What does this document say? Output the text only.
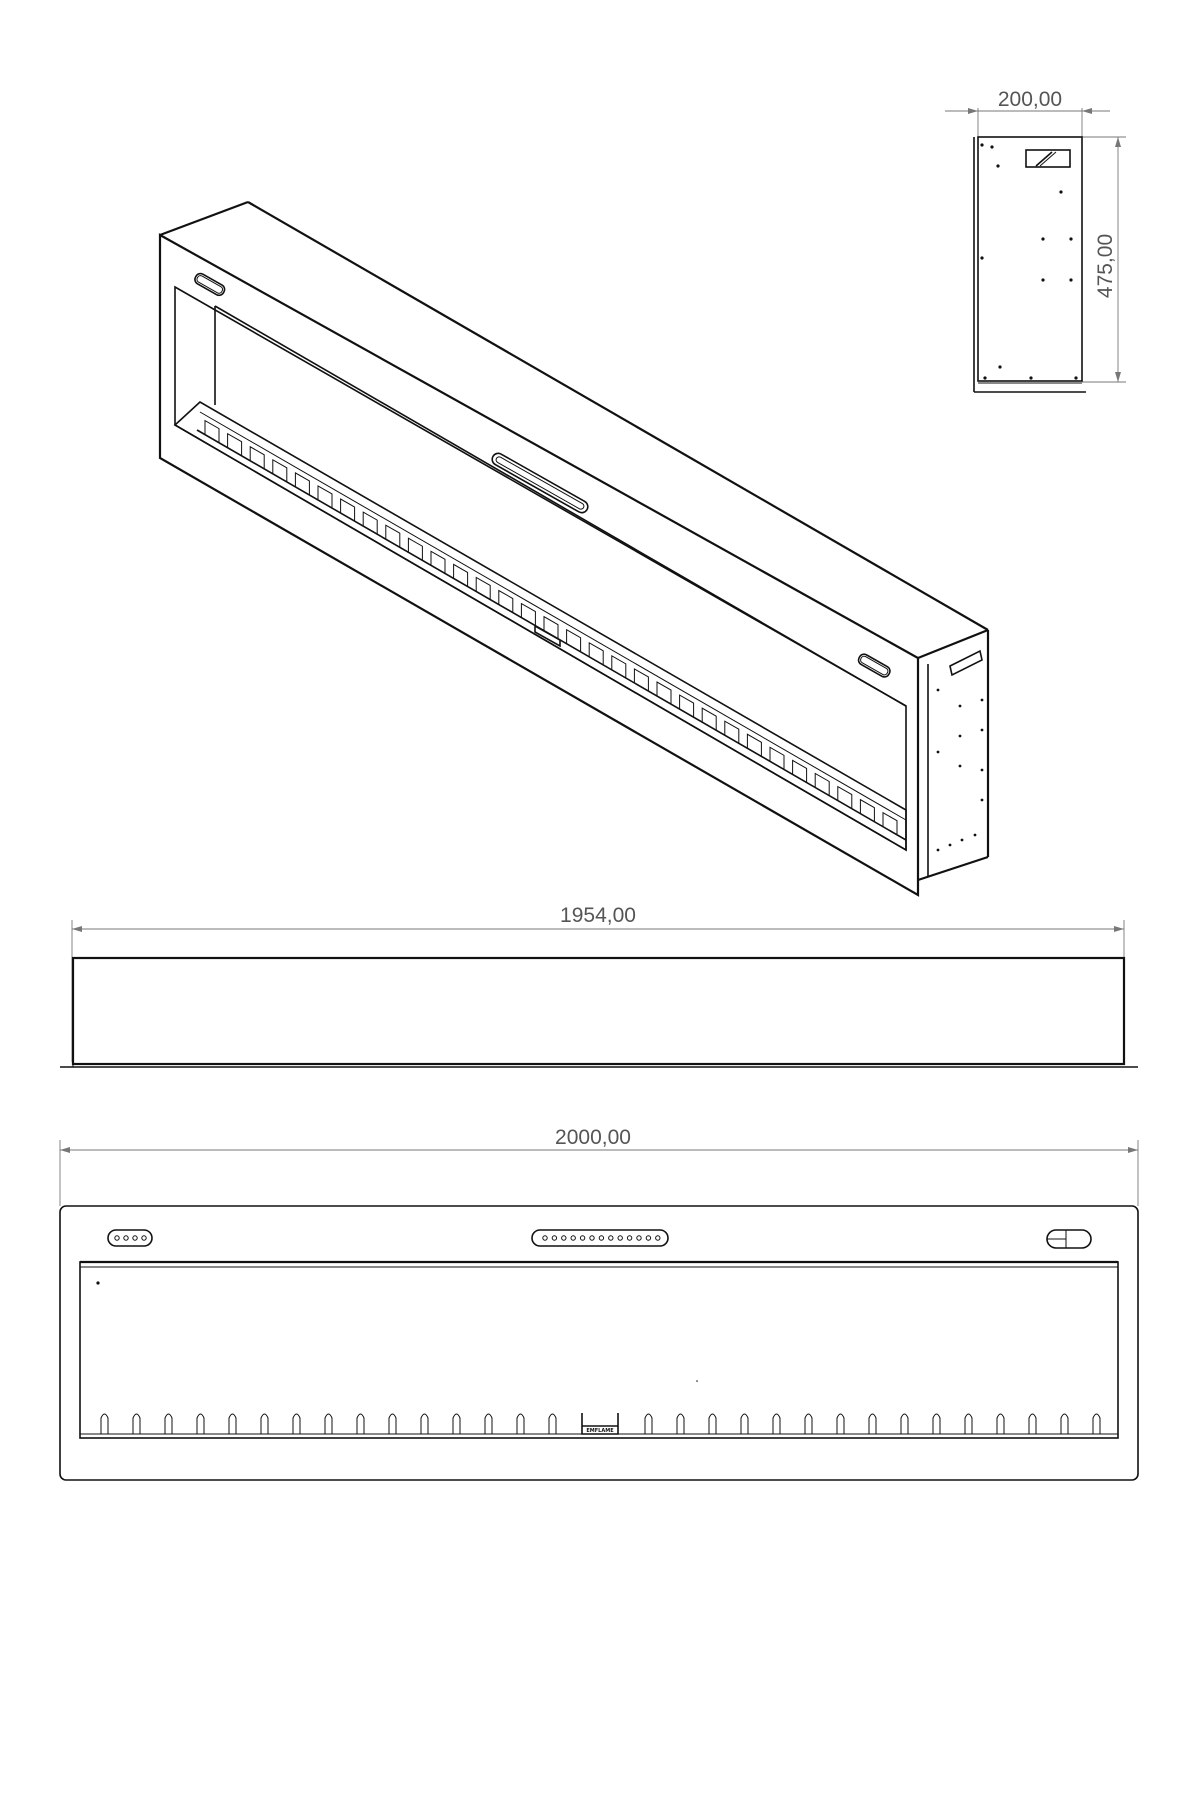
200,00
475,00
1954,00
2000,00
EMFLAME
